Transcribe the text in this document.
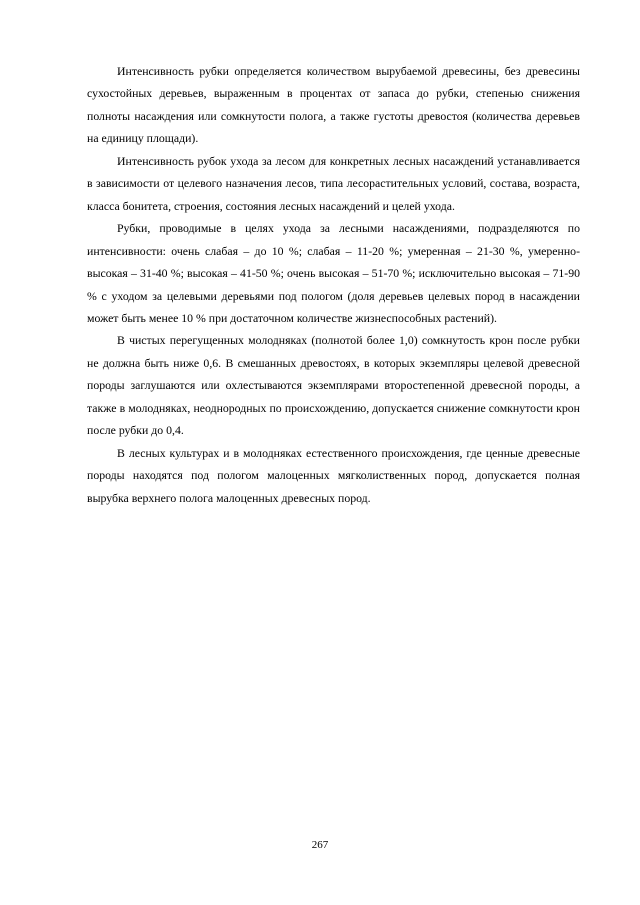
Интенсивность рубки определяется количеством вырубаемой древесины, без древесины сухостойных деревьев, выраженным в процентах от запаса до рубки, степенью снижения полноты насаждения или сомкнутости полога, а также густоты древостоя (количества деревьев на единицу площади).

Интенсивность рубок ухода за лесом для конкретных лесных насаждений устанавливается в зависимости от целевого назначения лесов, типа лесорастительных условий, состава, возраста, класса бонитета, строения, состояния лесных насаждений и целей ухода.

Рубки, проводимые в целях ухода за лесными насаждениями, подразделяются по интенсивности: очень слабая – до 10 %; слабая – 11-20 %; умеренная – 21-30 %, умеренно-высокая – 31-40 %; высокая – 41-50 %; очень высокая – 51-70 %; исключительно высокая – 71-90 % с уходом за целевыми деревьями под пологом (доля деревьев целевых пород в насаждении может быть менее 10 % при достаточном количестве жизнеспособных растений).

В чистых перегущенных молодняках (полнотой более 1,0) сомкнутость крон после рубки не должна быть ниже 0,6. В смешанных древостоях, в которых экземпляры целевой древесной породы заглушаются или охлестываются экземплярами второстепенной древесной породы, а также в молодняках, неоднородных по происхождению, допускается снижение сомкнутости крон после рубки до 0,4.

В лесных культурах и в молодняках естественного происхождения, где ценные древесные породы находятся под пологом малоценных мягколиственных пород, допускается полная вырубка верхнего полога малоценных древесных пород.

267
